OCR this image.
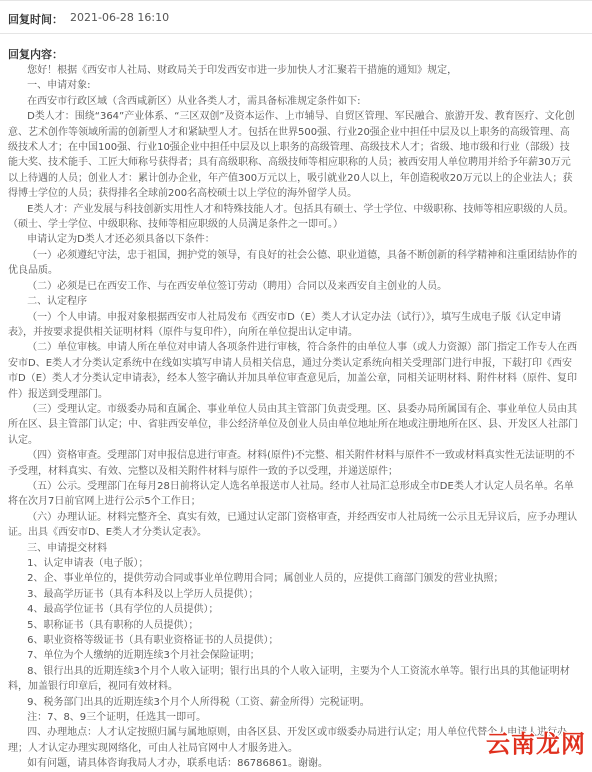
回复时间： 2021-06-28 16:10
回复内容：

您好！根据《西安市人社局、财政局关于印发西安市进一步加快人才汇聚若干措施的通知》规定，

一、申请对象:

在西安市行政区域（含西咸新区）从业各类人才，需具备标准规定条件如下:

D类人才：围绕“364”产业体系、“三区双创”及资本运作、上市辅导、自贸区管理、军民融合、旅游开发、教育医疗、文化创意、艺术创作等领域所需的创新型人才和紧缺型人才。包括在世界500强、行业20强企业中担任中层及以上职务的高级管理、高级技术人才；在中国100强、行业10强企业中担任中层及以上职务的高级管理、高级技术人才；省级、地市级和行业（部级）技能大奖、技术能手、工匠大师称号获得者；具有高级职称、高级技师等相应职称的人员；被西安用人单位聘用并给予年薪30万元以上待遇的人员；创业人才：累计创办企业，年产值300万元以上，吸引就业20人以上，年创造税收20万元以上的企业法人；获得博士学位的人员；获得排名全球前200名高校硕士以上学位的海外留学人员。

E类人才：产业发展与科技创新实用性人才和特殊技能人才。包括具有硕士、学士学位、中级职称、技师等相应职级的人员。（硕士、学士学位、中级职称、技师等相应职级的人员满足条件之一即可。）

申请认定为D类人才还必须具备以下条件：

（一）必须遵纪守法，忠于祖国，拥护党的领导，有良好的社会公德、职业道德，具备不断创新的科学精神和注重团结协作的优良品质。

（二）必须是已在西安工作、与在西安单位签订劳动（聘用）合同以及来西安自主创业的人员。

二、认定程序

（一）个人申请。申报对象根据西安市人社局发布《西安市D（E）类人才认定办法（试行）》，填写生成电子版《认定申请表》，并按要求提供相关证明材料（原件与复印件），向所在单位提出认定申请。

（二）单位审核。申请人所在单位对申请人各项条件进行审核，符合条件的由单位人事（或人力资源）部门指定工作专人在西安市D、E类人才分类认定系统中在线如实填写申请人员相关信息，通过分类认定系统向相关受理部门进行申报，下载打印《西安市D（E）类人才分类认定申请表》，经本人签字确认并加具单位审查意见后，加盖公章，同相关证明材料、附件材料（原件、复印件）报送到受理部门。

（三）受理认定。市级委办局和直属企、事业单位人员由其主管部门负责受理。区、县委办局所属国有企、事业单位人员由其所在区、县主管部门认定；中、省驻西安单位，非公经济单位及创业人员由单位地址所在地或注册地所在区、县、开发区人社部门认定。

（四）资格审查。受理部门对申报信息进行审查。材料(原件)不完整、相关附件材料与原件不一致或材料真实性无法证明的不予受理，材料真实、有效、完整以及相关附件材料与原件一致的予以受理，并递送原件；

（五）公示。受理部门在每月28日前将认定人选名单报送市人社局。经市人社局汇总形成全市DE类人才认定人员名单。名单将在次月7日前官网上进行公示5个工作日；

（六）办理认证。材料完整齐全、真实有效，已通过认定部门资格审查，并经西安市人社局统一公示且无异议后，应予办理认证。出具《西安市D、E类人才分类认定表》。

三、申请提交材料

1、认定申请表（电子版）；

2、企、事业单位的，提供劳动合同或事业单位聘用合同；属创业人员的，应提供工商部门颁发的营业执照；

3、最高学历证书（具有本科及以上学历人员提供）；

4、最高学位证书（具有学位的人员提供）；

5、职称证书（具有职称的人员提供）；

6、职业资格等级证书（具有职业资格证书的人员提供）；

7、单位为个人缴纳的近期连续3个月社会保险证明；

8、银行出具的近期连续3个月个人收入证明；银行出具的个人收入证明，主要为个人工资流水单等。银行出具的其他证明材料，加盖银行印章后，视同有效材料。

9、税务部门出具的近期连续3个月个人所得税（工资、薪金所得）完税证明。

注：7、8、9三个证明，任选其一即可。

四、办理地点：人才认定按照归属与属地原则，由各区县、开发区或市级委办局进行认定；用人单位代替个人申请人进行办理；人才认定办理实现网络化，可由人社局官网中人才服务进入。

如有问题，请具体咨询我局人才办，联系电话：86786861。谢谢。

云南龙网
